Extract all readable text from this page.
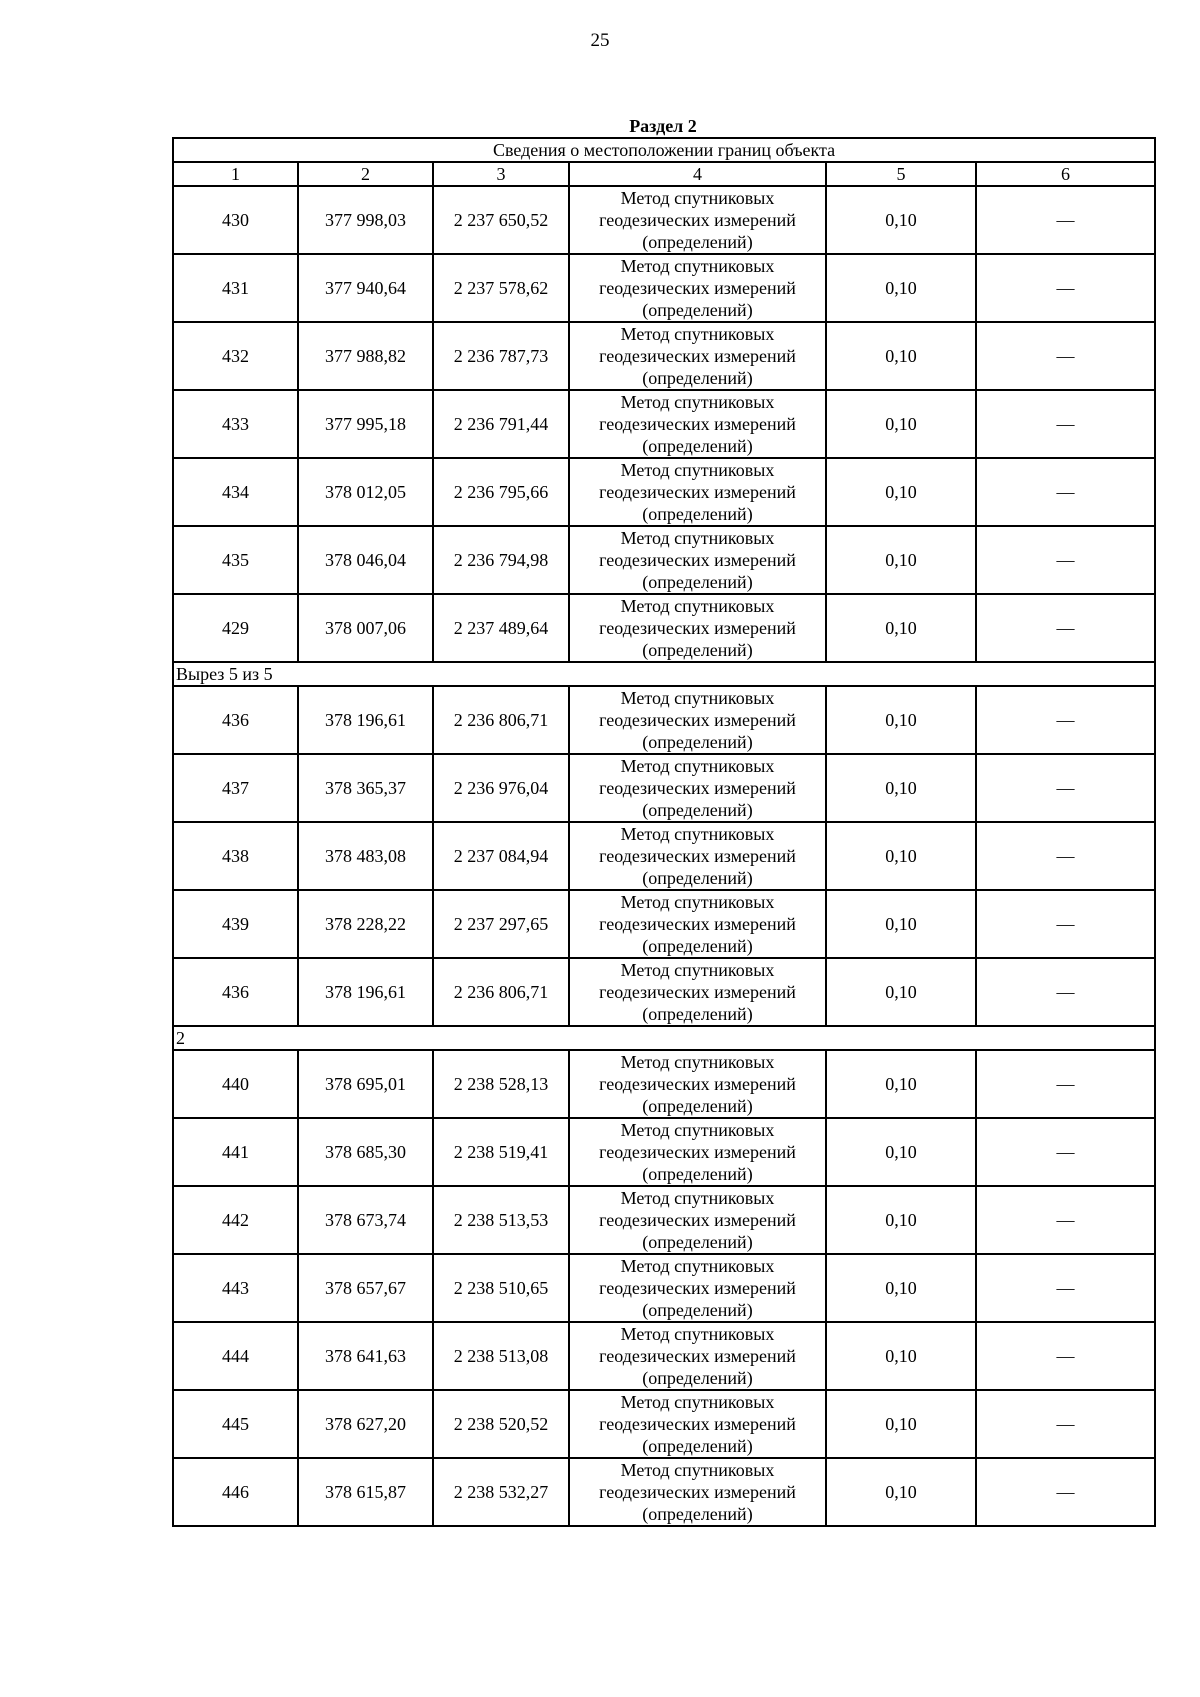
25
Раздел 2
Сведения о местоположении границ объекта					
1	2	3	4	5	6
430	377 998,03	2 237 650,52	Метод спутниковых
геодезических измерений
(определений)	0,10	—
431	377 940,64	2 237 578,62	Метод спутниковых
геодезических измерений
(определений)	0,10	—
432	377 988,82	2 236 787,73	Метод спутниковых
геодезических измерений
(определений)	0,10	—
433	377 995,18	2 236 791,44	Метод спутниковых
геодезических измерений
(определений)	0,10	—
434	378 012,05	2 236 795,66	Метод спутниковых
геодезических измерений
(определений)	0,10	—
435	378 046,04	2 236 794,98	Метод спутниковых
геодезических измерений
(определений)	0,10	—
429	378 007,06	2 237 489,64	Метод спутниковых
геодезических измерений
(определений)	0,10	—
Вырез 5 из 5					
436	378 196,61	2 236 806,71	Метод спутниковых
геодезических измерений
(определений)	0,10	—
437	378 365,37	2 236 976,04	Метод спутниковых
геодезических измерений
(определений)	0,10	—
438	378 483,08	2 237 084,94	Метод спутниковых
геодезических измерений
(определений)	0,10	—
439	378 228,22	2 237 297,65	Метод спутниковых
геодезических измерений
(определений)	0,10	—
436	378 196,61	2 236 806,71	Метод спутниковых
геодезических измерений
(определений)	0,10	—
2					
440	378 695,01	2 238 528,13	Метод спутниковых
геодезических измерений
(определений)	0,10	—
441	378 685,30	2 238 519,41	Метод спутниковых
геодезических измерений
(определений)	0,10	—
442	378 673,74	2 238 513,53	Метод спутниковых
геодезических измерений
(определений)	0,10	—
443	378 657,67	2 238 510,65	Метод спутниковых
геодезических измерений
(определений)	0,10	—
444	378 641,63	2 238 513,08	Метод спутниковых
геодезических измерений
(определений)	0,10	—
445	378 627,20	2 238 520,52	Метод спутниковых
геодезических измерений
(определений)	0,10	—
446	378 615,87	2 238 532,27	Метод спутниковых
геодезических измерений
(определений)	0,10	—
